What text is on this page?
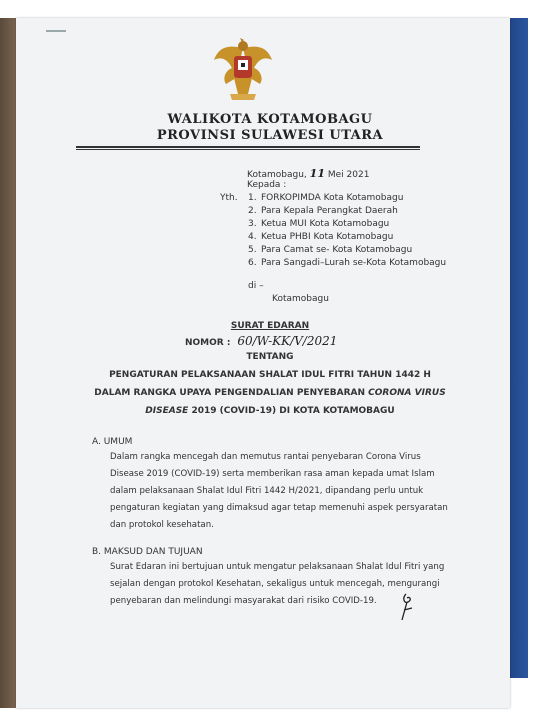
WALIKOTA KOTAMOBAGU
PROVINSI SULAWESI UTARA
Kotamobagu, 11 Mei 2021
Kepada :
Yth. 1. FORKOPIMDA Kota Kotamobagu
2. Para Kepala Perangkat Daerah
3. Ketua MUI Kota Kotamobagu
4. Ketua PHBI Kota Kotamobagu
5. Para Camat se- Kota Kotamobagu
6. Para Sangadi–Lurah se-Kota Kotamobagu
di –
Kotamobagu
SURAT EDARAN
NOMOR : 60/W-KK/V/2021
TENTANG
PENGATURAN PELAKSANAAN SHALAT IDUL FITRI TAHUN 1442 H
DALAM RANGKA UPAYA PENGENDALIAN PENYEBARAN CORONA VIRUS
DISEASE 2019 (COVID-19) DI KOTA KOTAMOBAGU
A. UMUM
Dalam rangka mencegah dan memutus rantai penyebaran Corona Virus
Disease 2019 (COVID-19) serta memberikan rasa aman kepada umat Islam
dalam pelaksanaan Shalat Idul Fitri 1442 H/2021, dipandang perlu untuk
pengaturan kegiatan yang dimaksud agar tetap memenuhi aspek persyaratan
dan protokol kesehatan.
B. MAKSUD DAN TUJUAN
Surat Edaran ini bertujuan untuk mengatur pelaksanaan Shalat Idul Fitri yang
sejalan dengan protokol Kesehatan, sekaligus untuk mencegah, mengurangi
penyebaran dan melindungi masyarakat dari risiko COVID-19.
